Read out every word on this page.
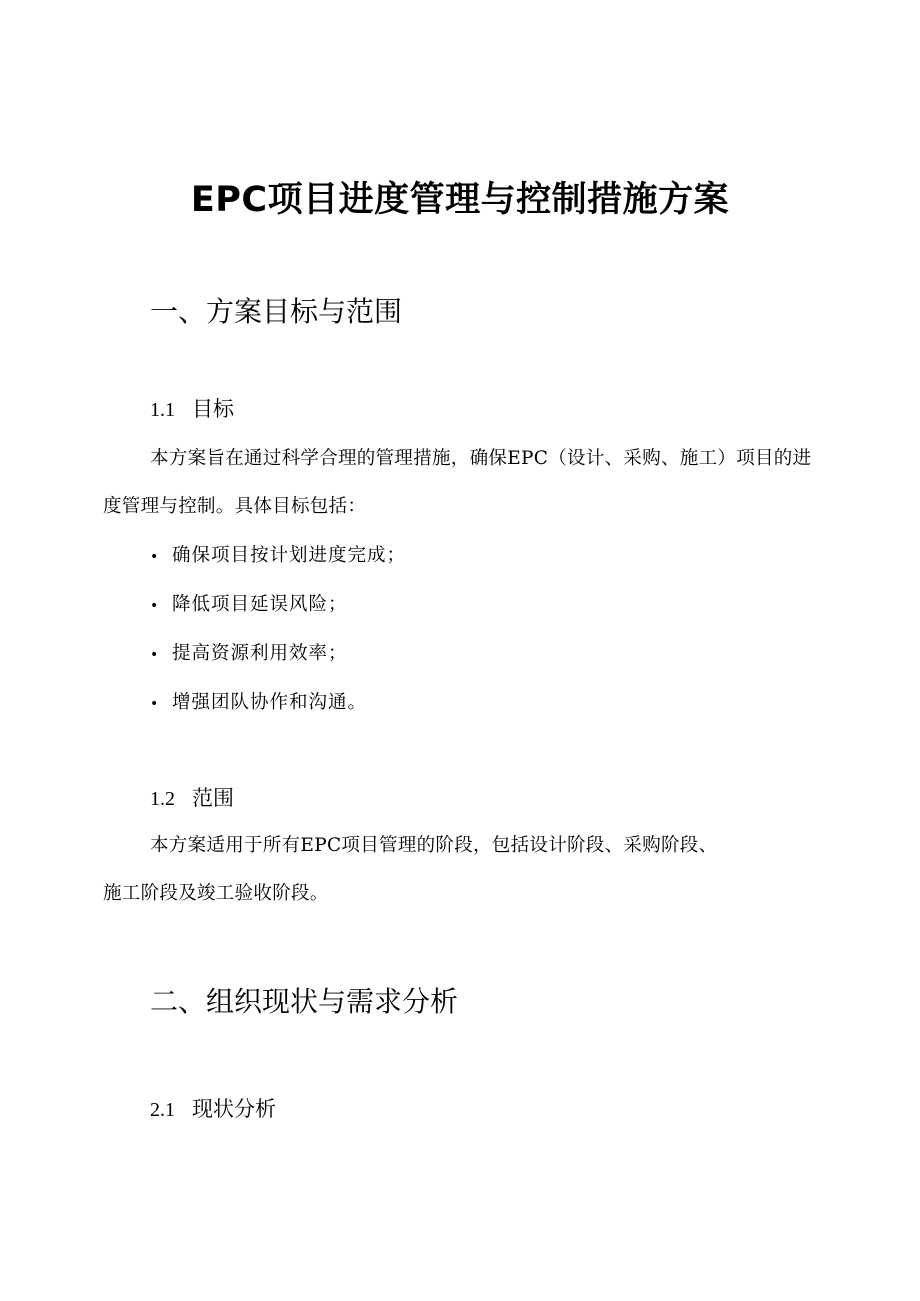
EPC项目进度管理与控制措施方案
一、方案目标与范围
1.1 目标

本方案旨在通过科学合理的管理措施，确保EPC（设计、采购、施工）项目的进度管理与控制。具体目标包括：

• 确保项目按计划进度完成；
• 降低项目延误风险；
• 提高资源利用效率；
• 增强团队协作和沟通。
1.2 范围

本方案适用于所有EPC项目管理的阶段，包括设计阶段、采购阶段、施工阶段及竣工验收阶段。

二、组织现状与需求分析
2.1 现状分析
